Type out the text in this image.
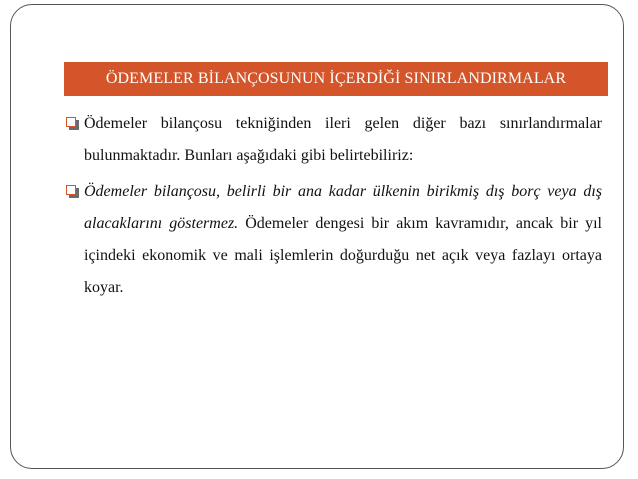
ÖDEMELER BİLANÇOSUNUN İÇERDİĞİ SINIRLANDIRMALAR
Ödemeler bilançosu tekniğinden ileri gelen diğer bazı sınırlandırmalar bulunmaktadır. Bunları aşağıdaki gibi belirtebiliriz:
Ödemeler bilançosu, belirli bir ana kadar ülkenin birikmiş dış borç veya dış alacaklarını göstermez. Ödemeler dengesi bir akım kavramıdır, ancak bir yıl içindeki ekonomik ve mali işlemlerin doğurduğu net açık veya fazlayı ortaya koyar.
